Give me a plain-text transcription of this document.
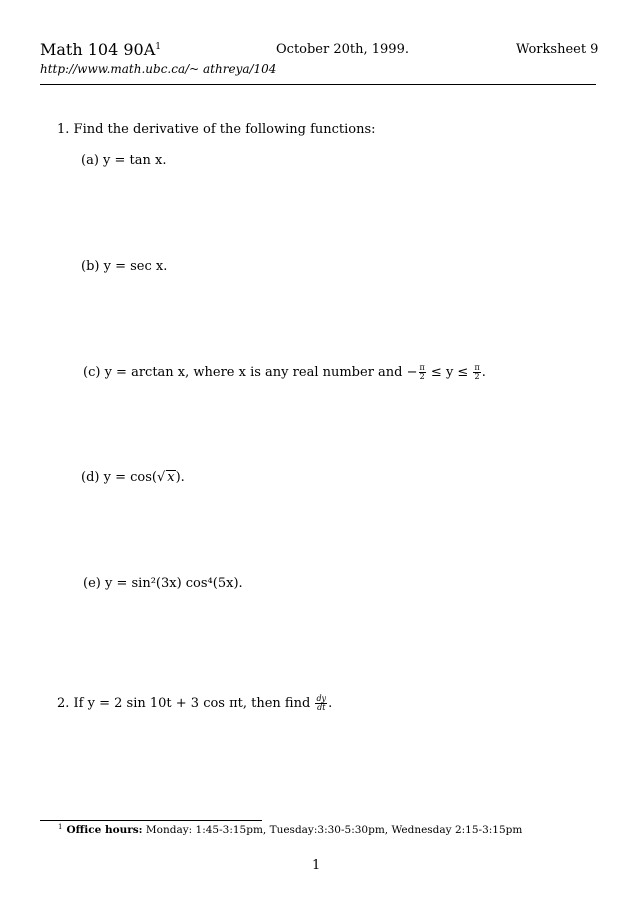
Math 104 $90A^1$	October 20th, 1999.	Worksheet 9
http://www.math.ubc.ca/~ athreya/104
1. Find the derivative of the following functions:
(a) y = tan x.
(b) y = sec x.
(c) y = arctan x, where x is any real number and − $\frac{\pi}{2} \le y \le \frac{\pi}{2}$ .
(d) y = cos(√ x).
(e) y = sin²(3x) cos⁴(5x).
2. If y = 2 sin 10t + 3 cos πt, then find $\frac{dy}{dt}$ .
$^1$ Office hours: Monday: 1:45-3:15pm, Tuesday:3:30-5:30pm, Wednesday 2:15-3:15pm
1
